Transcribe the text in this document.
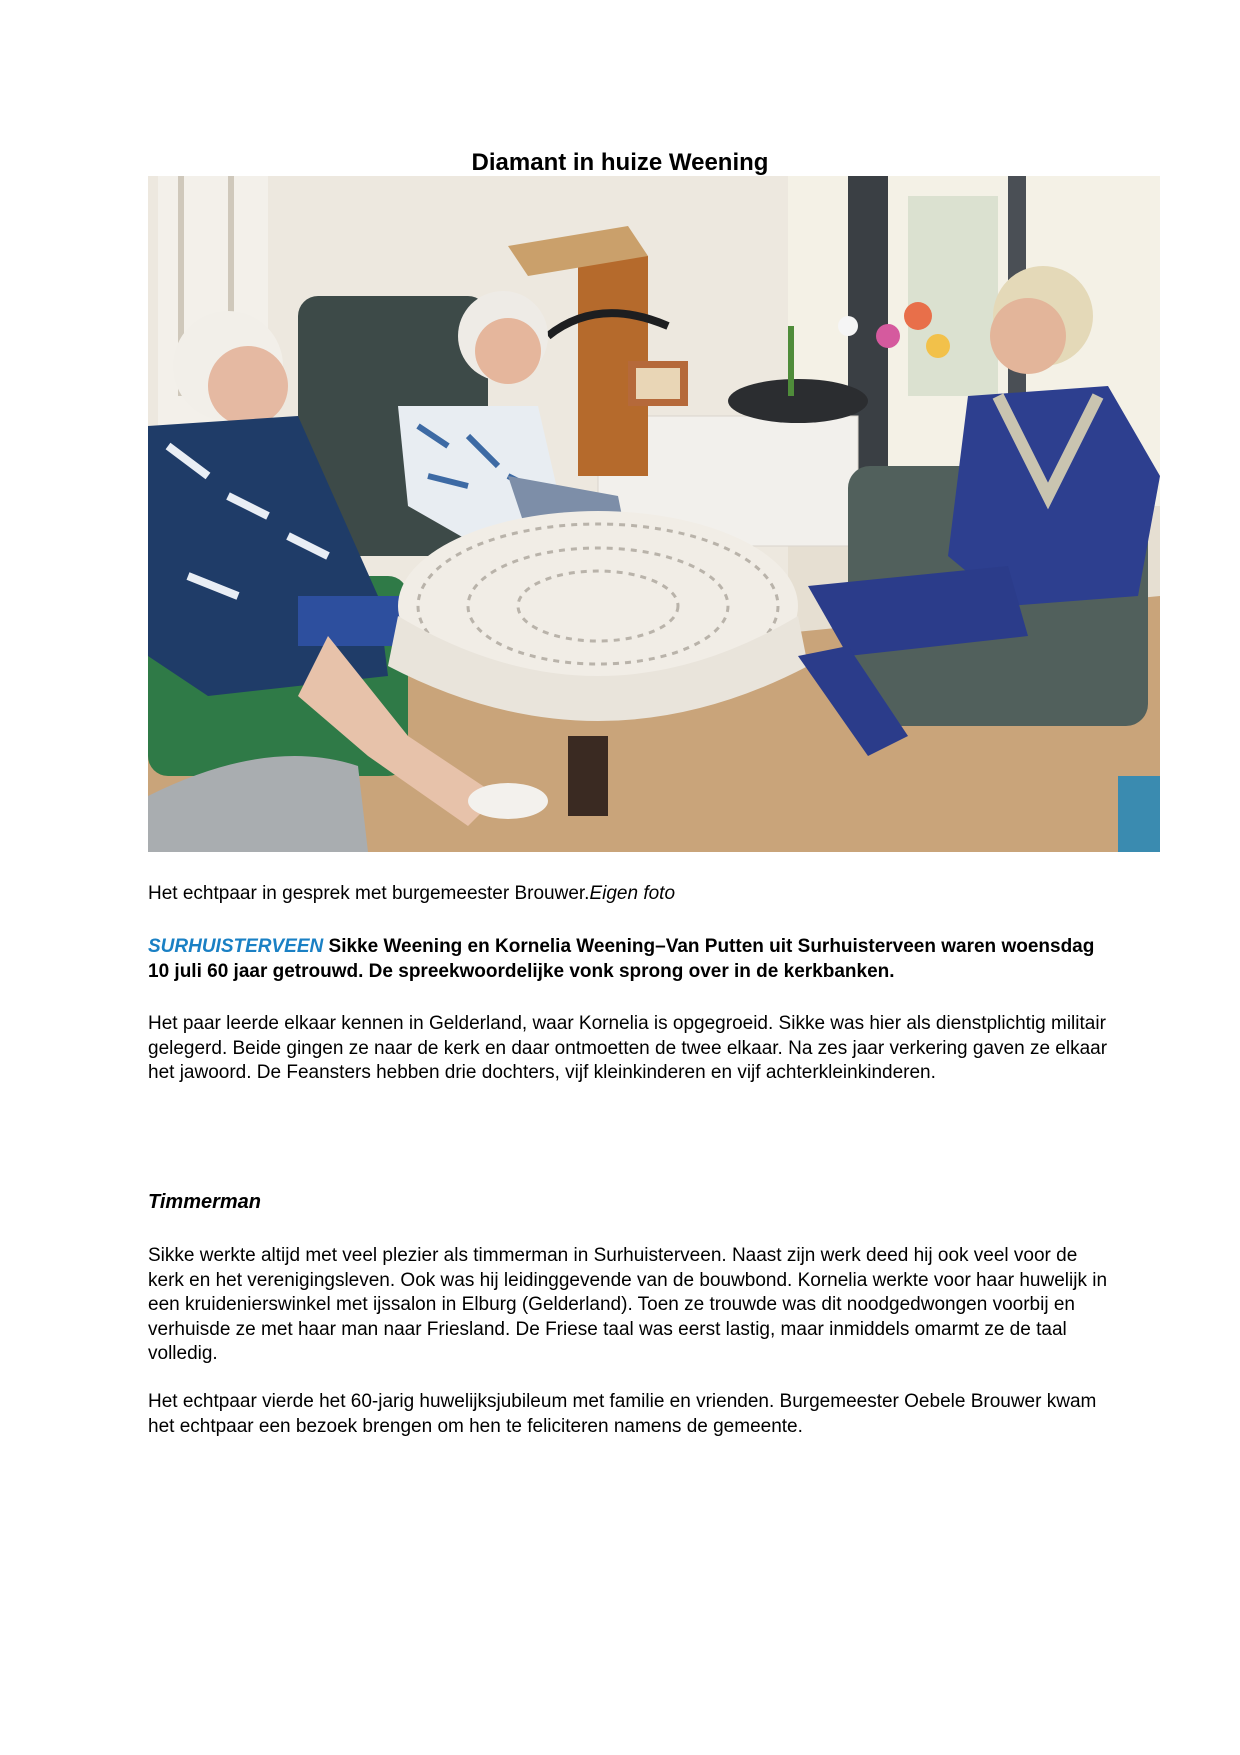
Diamant in huize Weening
Het echtpaar in gesprek met burgemeester Brouwer.Eigen foto
SURHUISTERVEEN Sikke Weening en Kornelia Weening–Van Putten uit Surhuisterveen waren woensdag 10 juli 60 jaar getrouwd. De spreekwoordelijke vonk sprong over in de kerkbanken.
Het paar leerde elkaar kennen in Gelderland, waar Kornelia is opgegroeid. Sikke was hier als dienstplichtig militair gelegerd. Beide gingen ze naar de kerk en daar ontmoetten de twee elkaar. Na zes jaar verkering gaven ze elkaar het jawoord. De Feansters hebben drie dochters, vijf kleinkinderen en vijf achterkleinkinderen.
Timmerman
Sikke werkte altijd met veel plezier als timmerman in Surhuisterveen. Naast zijn werk deed hij ook veel voor de kerk en het verenigingsleven. Ook was hij leidinggevende van de bouwbond. Kornelia werkte voor haar huwelijk in een kruidenierswinkel met ijssalon in Elburg (Gelderland). Toen ze trouwde was dit noodgedwongen voorbij en verhuisde ze met haar man naar Friesland. De Friese taal was eerst lastig, maar inmiddels omarmt ze de taal volledig.
Het echtpaar vierde het 60-jarig huwelijksjubileum met familie en vrienden. Burgemeester Oebele Brouwer kwam het echtpaar een bezoek brengen om hen te feliciteren namens de gemeente.
